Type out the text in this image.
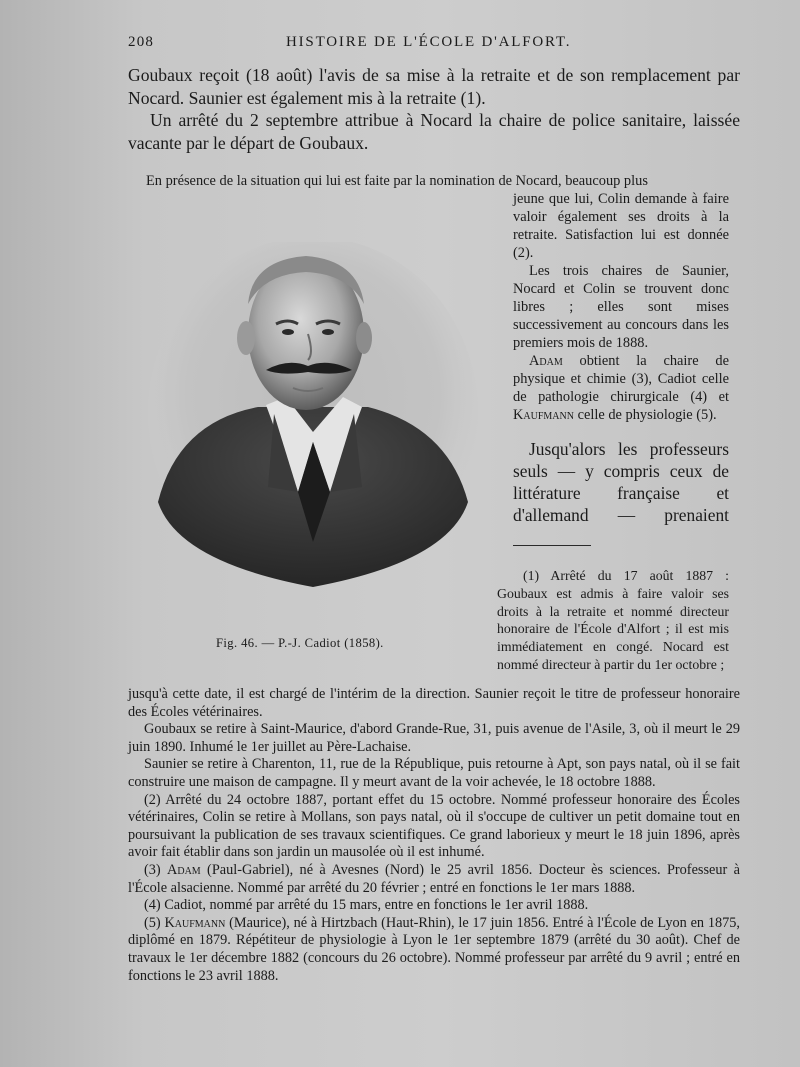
208	HISTOIRE DE L'ÉCOLE D'ALFORT.

Goubaux reçoit (18 août) l'avis de sa mise à la retraite et de son remplacement par Nocard. Saunier est également mis à la retraite (1).

Un arrêté du 2 septembre attribue à Nocard la chaire de police sanitaire, laissée vacante par le départ de Goubaux.

En présence de la situation qui lui est faite par la nomination de Nocard, beaucoup plus

jeune que lui, Colin demande à faire valoir également ses droits à la retraite. Satisfaction lui est donnée (2).

Les trois chaires de Saunier, Nocard et Colin se trouvent donc libres ; elles sont mises successivement au concours dans les premiers mois de 1888.

Adam obtient la chaire de physique et chimie (3), Cadiot celle de pathologie chirurgicale (4) et Kaufmann celle de physiologie (5).

Jusqu'alors les professeurs seuls — y compris ceux de littérature française et d'allemand — prenaient
(1) Arrêté du 17 août 1887 : Goubaux est admis à faire valoir ses droits à la retraite et nommé directeur honoraire de l'École d'Alfort ; il est mis immédiatement en congé. Nocard est nommé directeur à partir du 1er octobre ;
Fig. 46. — P.-J. Cadiot (1858).

jusqu'à cette date, il est chargé de l'intérim de la direction. Saunier reçoit le titre de professeur honoraire des Écoles vétérinaires.

Goubaux se retire à Saint-Maurice, d'abord Grande-Rue, 31, puis avenue de l'Asile, 3, où il meurt le 29 juin 1890. Inhumé le 1er juillet au Père-Lachaise.

Saunier se retire à Charenton, 11, rue de la République, puis retourne à Apt, son pays natal, où il se fait construire une maison de campagne. Il y meurt avant de la voir achevée, le 18 octobre 1888.

(2) Arrêté du 24 octobre 1887, portant effet du 15 octobre. Nommé professeur honoraire des Écoles vétérinaires, Colin se retire à Mollans, son pays natal, où il s'occupe de cultiver un petit domaine tout en poursuivant la publication de ses travaux scientifiques. Ce grand laborieux y meurt le 18 juin 1896, après avoir fait établir dans son jardin un mausolée où il est inhumé.

(3) Adam (Paul-Gabriel), né à Avesnes (Nord) le 25 avril 1856. Docteur ès sciences. Professeur à l'École alsacienne. Nommé par arrêté du 20 février ; entré en fonctions le 1er mars 1888.

(4) Cadiot, nommé par arrêté du 15 mars, entre en fonctions le 1er avril 1888.

(5) Kaufmann (Maurice), né à Hirtzbach (Haut-Rhin), le 17 juin 1856. Entré à l'École de Lyon en 1875, diplômé en 1879. Répétiteur de physiologie à Lyon le 1er septembre 1879 (arrêté du 30 août). Chef de travaux le 1er décembre 1882 (concours du 26 octobre). Nommé professeur par arrêté du 9 avril ; entré en fonctions le 23 avril 1888.
